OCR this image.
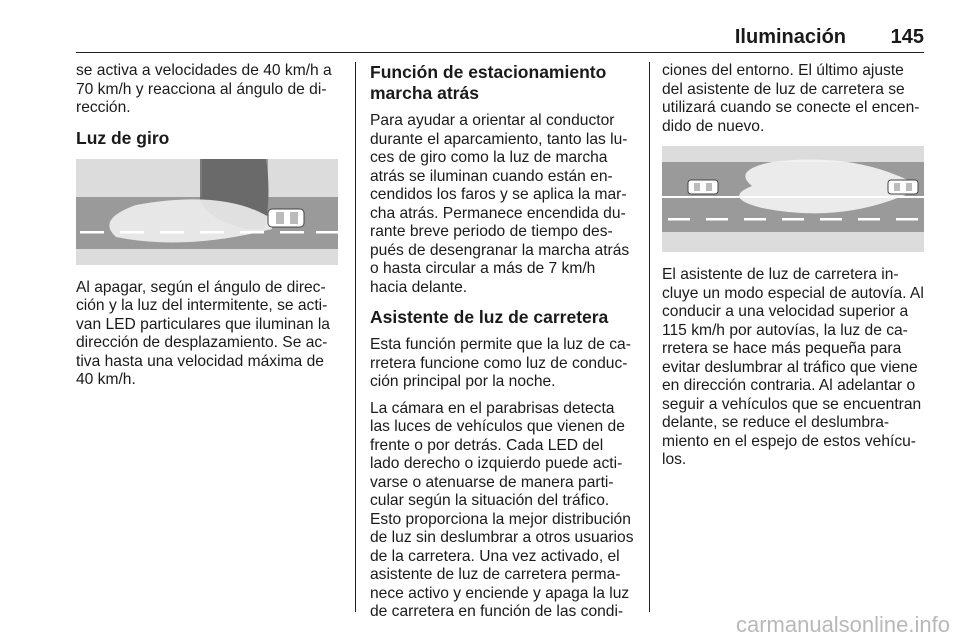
Iluminación 145

se activa a velocidades de 40 km/h a 70 km/h y reacciona al ángulo de di-rección.

Luz de giro

Al apagar, según el ángulo de direc-ción y la luz del intermitente, se acti-van LED particulares que iluminan la dirección de desplazamiento. Se ac-tiva hasta una velocidad máxima de 40 km/h.

Función de estacionamiento marcha atrás

Para ayudar a orientar al conductor durante el aparcamiento, tanto las lu-ces de giro como la luz de marcha atrás se iluminan cuando están en-cendidos los faros y se aplica la mar-cha atrás. Permanece encendida du-rante breve periodo de tiempo des-pués de desengranar la marcha atrás o hasta circular a más de 7 km/h hacia delante.

Asistente de luz de carretera

Esta función permite que la luz de ca-rretera funcione como luz de conduc-ción principal por la noche.

La cámara en el parabrisas detecta las luces de vehículos que vienen de frente o por detrás. Cada LED del lado derecho o izquierdo puede acti-varse o atenuarse de manera parti-cular según la situación del tráfico. Esto proporciona la mejor distribución de luz sin deslumbrar a otros usuarios de la carretera. Una vez activado, el asistente de luz de carretera perma-nece activo y enciende y apaga la luz de carretera en función de las condi-

ciones del entorno. El último ajuste del asistente de luz de carretera se utilizará cuando se conecte el encen-dido de nuevo.

El asistente de luz de carretera in-cluye un modo especial de autovía. Al conducir a una velocidad superior a 115 km/h por autovías, la luz de ca-rretera se hace más pequeña para evitar deslumbrar al tráfico que viene en dirección contraria. Al adelantar o seguir a vehículos que se encuentran delante, se reduce el deslumbra-miento en el espejo de estos vehícu-los.

carmanualsonline.info
